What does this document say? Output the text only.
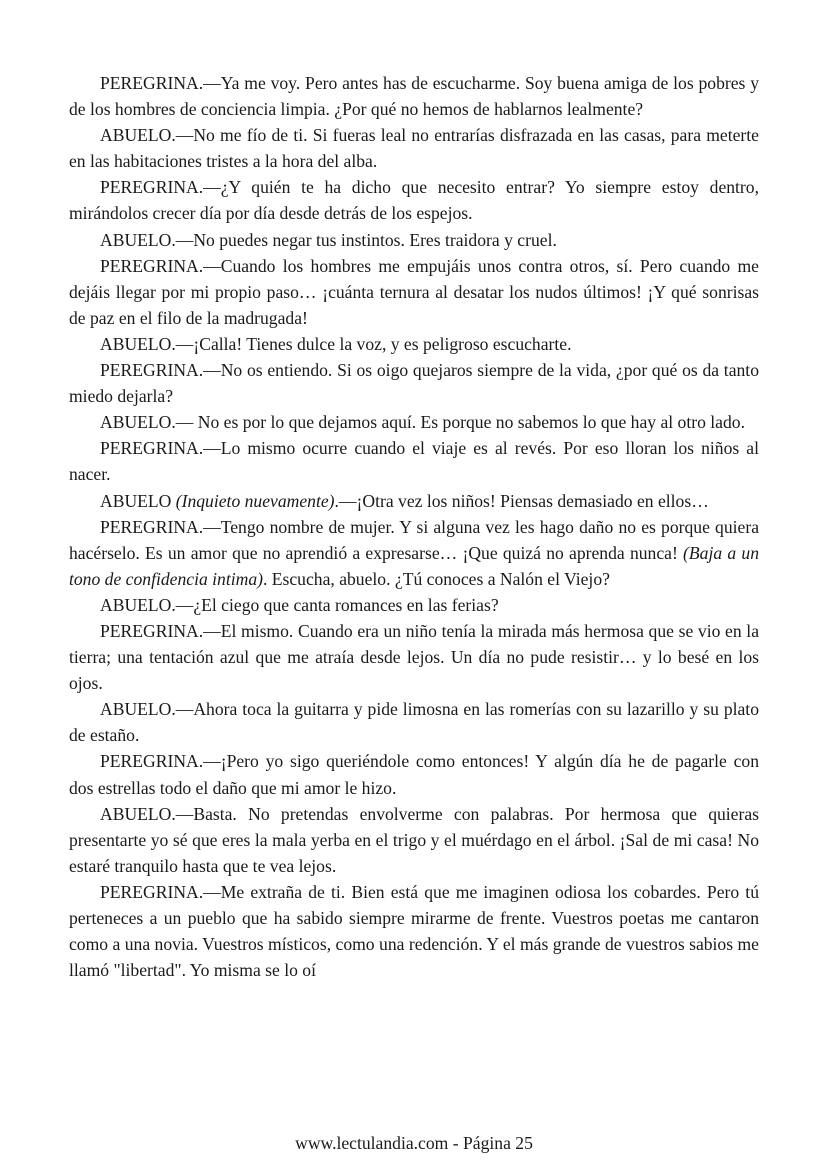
PEREGRINA.—Ya me voy. Pero antes has de escucharme. Soy buena amiga de los pobres y de los hombres de conciencia limpia. ¿Por qué no hemos de hablarnos lealmente?

ABUELO.—No me fío de ti. Si fueras leal no entrarías disfrazada en las casas, para meterte en las habitaciones tristes a la hora del alba.

PEREGRINA.—¿Y quién te ha dicho que necesito entrar? Yo siempre estoy dentro, mirándolos crecer día por día desde detrás de los espejos.

ABUELO.—No puedes negar tus instintos. Eres traidora y cruel.

PEREGRINA.—Cuando los hombres me empujáis unos contra otros, sí. Pero cuando me dejáis llegar por mi propio paso… ¡cuánta ternura al desatar los nudos últimos! ¡Y qué sonrisas de paz en el filo de la madrugada!

ABUELO.—¡Calla! Tienes dulce la voz, y es peligroso escucharte.

PEREGRINA.—No os entiendo. Si os oigo quejaros siempre de la vida, ¿por qué os da tanto miedo dejarla?

ABUELO.— No es por lo que dejamos aquí. Es porque no sabemos lo que hay al otro lado.

PEREGRINA.—Lo mismo ocurre cuando el viaje es al revés. Por eso lloran los niños al nacer.

ABUELO (Inquieto nuevamente).—¡Otra vez los niños! Piensas demasiado en ellos…

PEREGRINA.—Tengo nombre de mujer. Y si alguna vez les hago daño no es porque quiera hacérselo. Es un amor que no aprendió a expresarse… ¡Que quizá no aprenda nunca! (Baja a un tono de confidencia intima). Escucha, abuelo. ¿Tú conoces a Nalón el Viejo?

ABUELO.—¿El ciego que canta romances en las ferias?

PEREGRINA.—El mismo. Cuando era un niño tenía la mirada más hermosa que se vio en la tierra; una tentación azul que me atraía desde lejos. Un día no pude resistir… y lo besé en los ojos.

ABUELO.—Ahora toca la guitarra y pide limosna en las romerías con su lazarillo y su plato de estaño.

PEREGRINA.—¡Pero yo sigo queriéndole como entonces! Y algún día he de pagarle con dos estrellas todo el daño que mi amor le hizo.

ABUELO.—Basta. No pretendas envolverme con palabras. Por hermosa que quieras presentarte yo sé que eres la mala yerba en el trigo y el muérdago en el árbol. ¡Sal de mi casa! No estaré tranquilo hasta que te vea lejos.

PEREGRINA.—Me extraña de ti. Bien está que me imaginen odiosa los cobardes. Pero tú perteneces a un pueblo que ha sabido siempre mirarme de frente. Vuestros poetas me cantaron como a una novia. Vuestros místicos, como una redención. Y el más grande de vuestros sabios me llamó "libertad". Yo misma se lo oí

www.lectulandia.com - Página 25
